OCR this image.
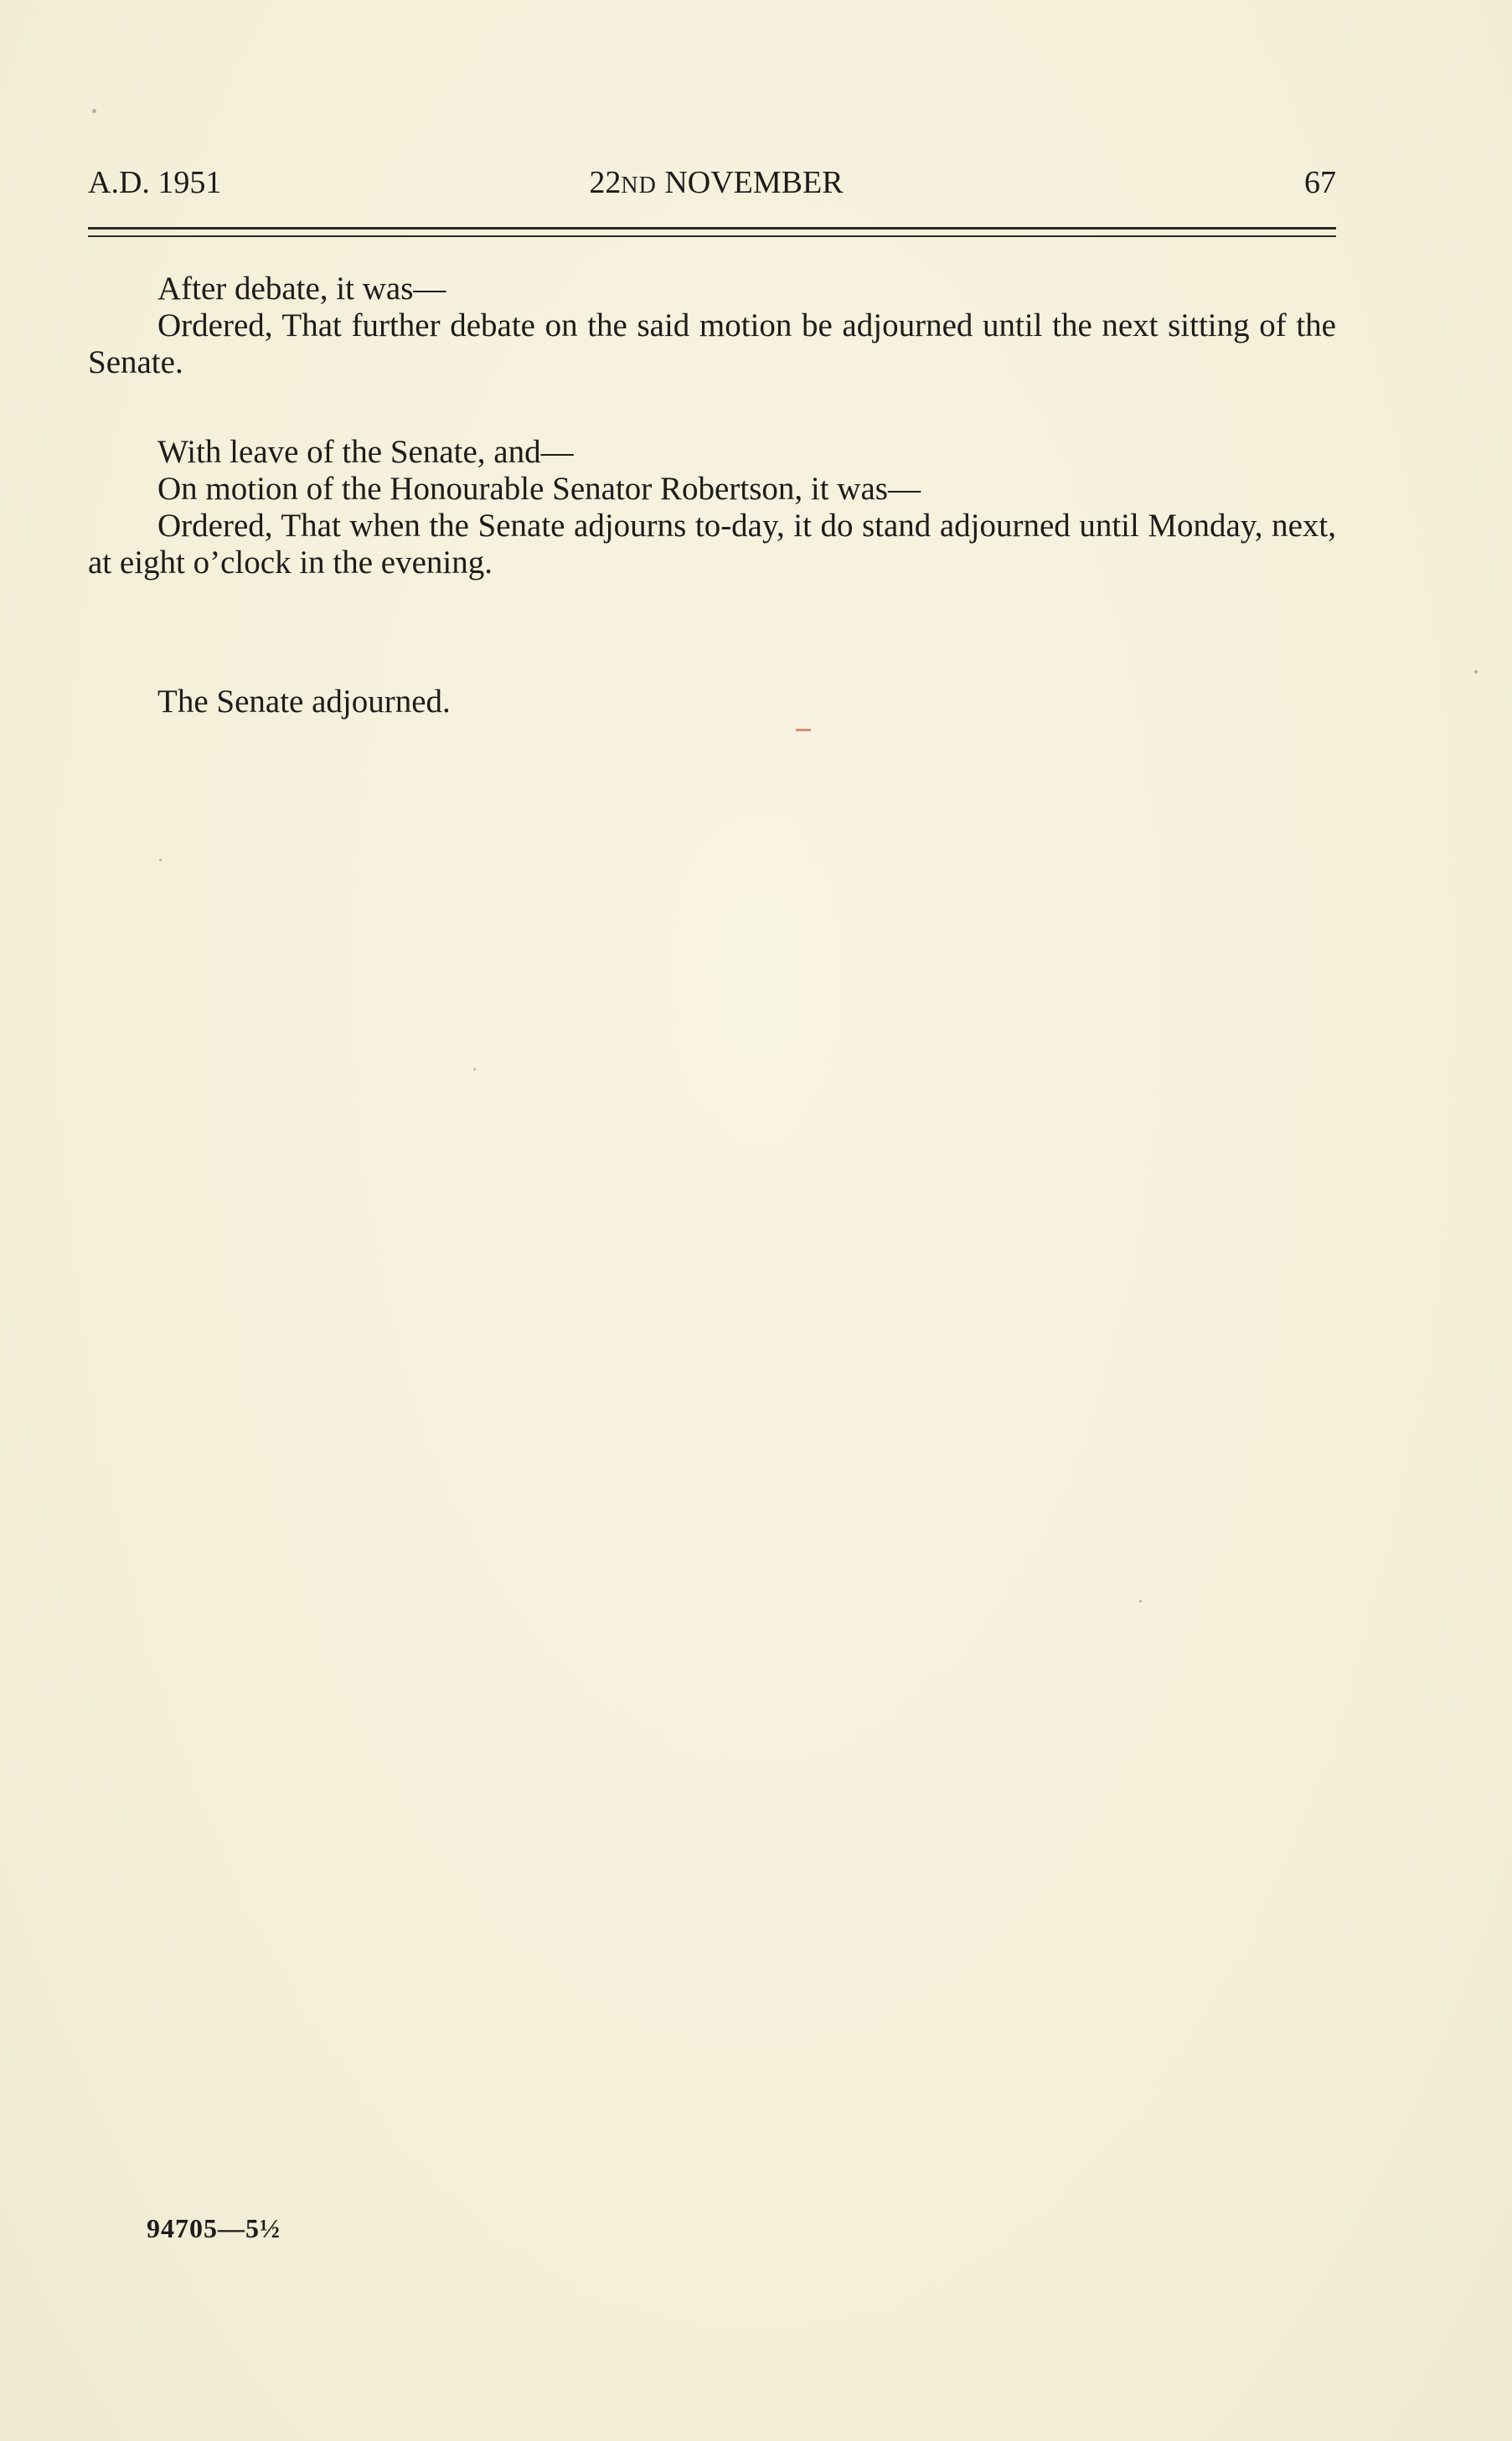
A.D. 1951	22ND NOVEMBER	67

After debate, it was—

Ordered, That further debate on the said motion be adjourned until the next sitting of the Senate.

With leave of the Senate, and—

On motion of the Honourable Senator Robertson, it was—

Ordered, That when the Senate adjourns to-day, it do stand adjourned until Monday, next, at eight o’clock in the evening.

The Senate adjourned.

94705—5½
